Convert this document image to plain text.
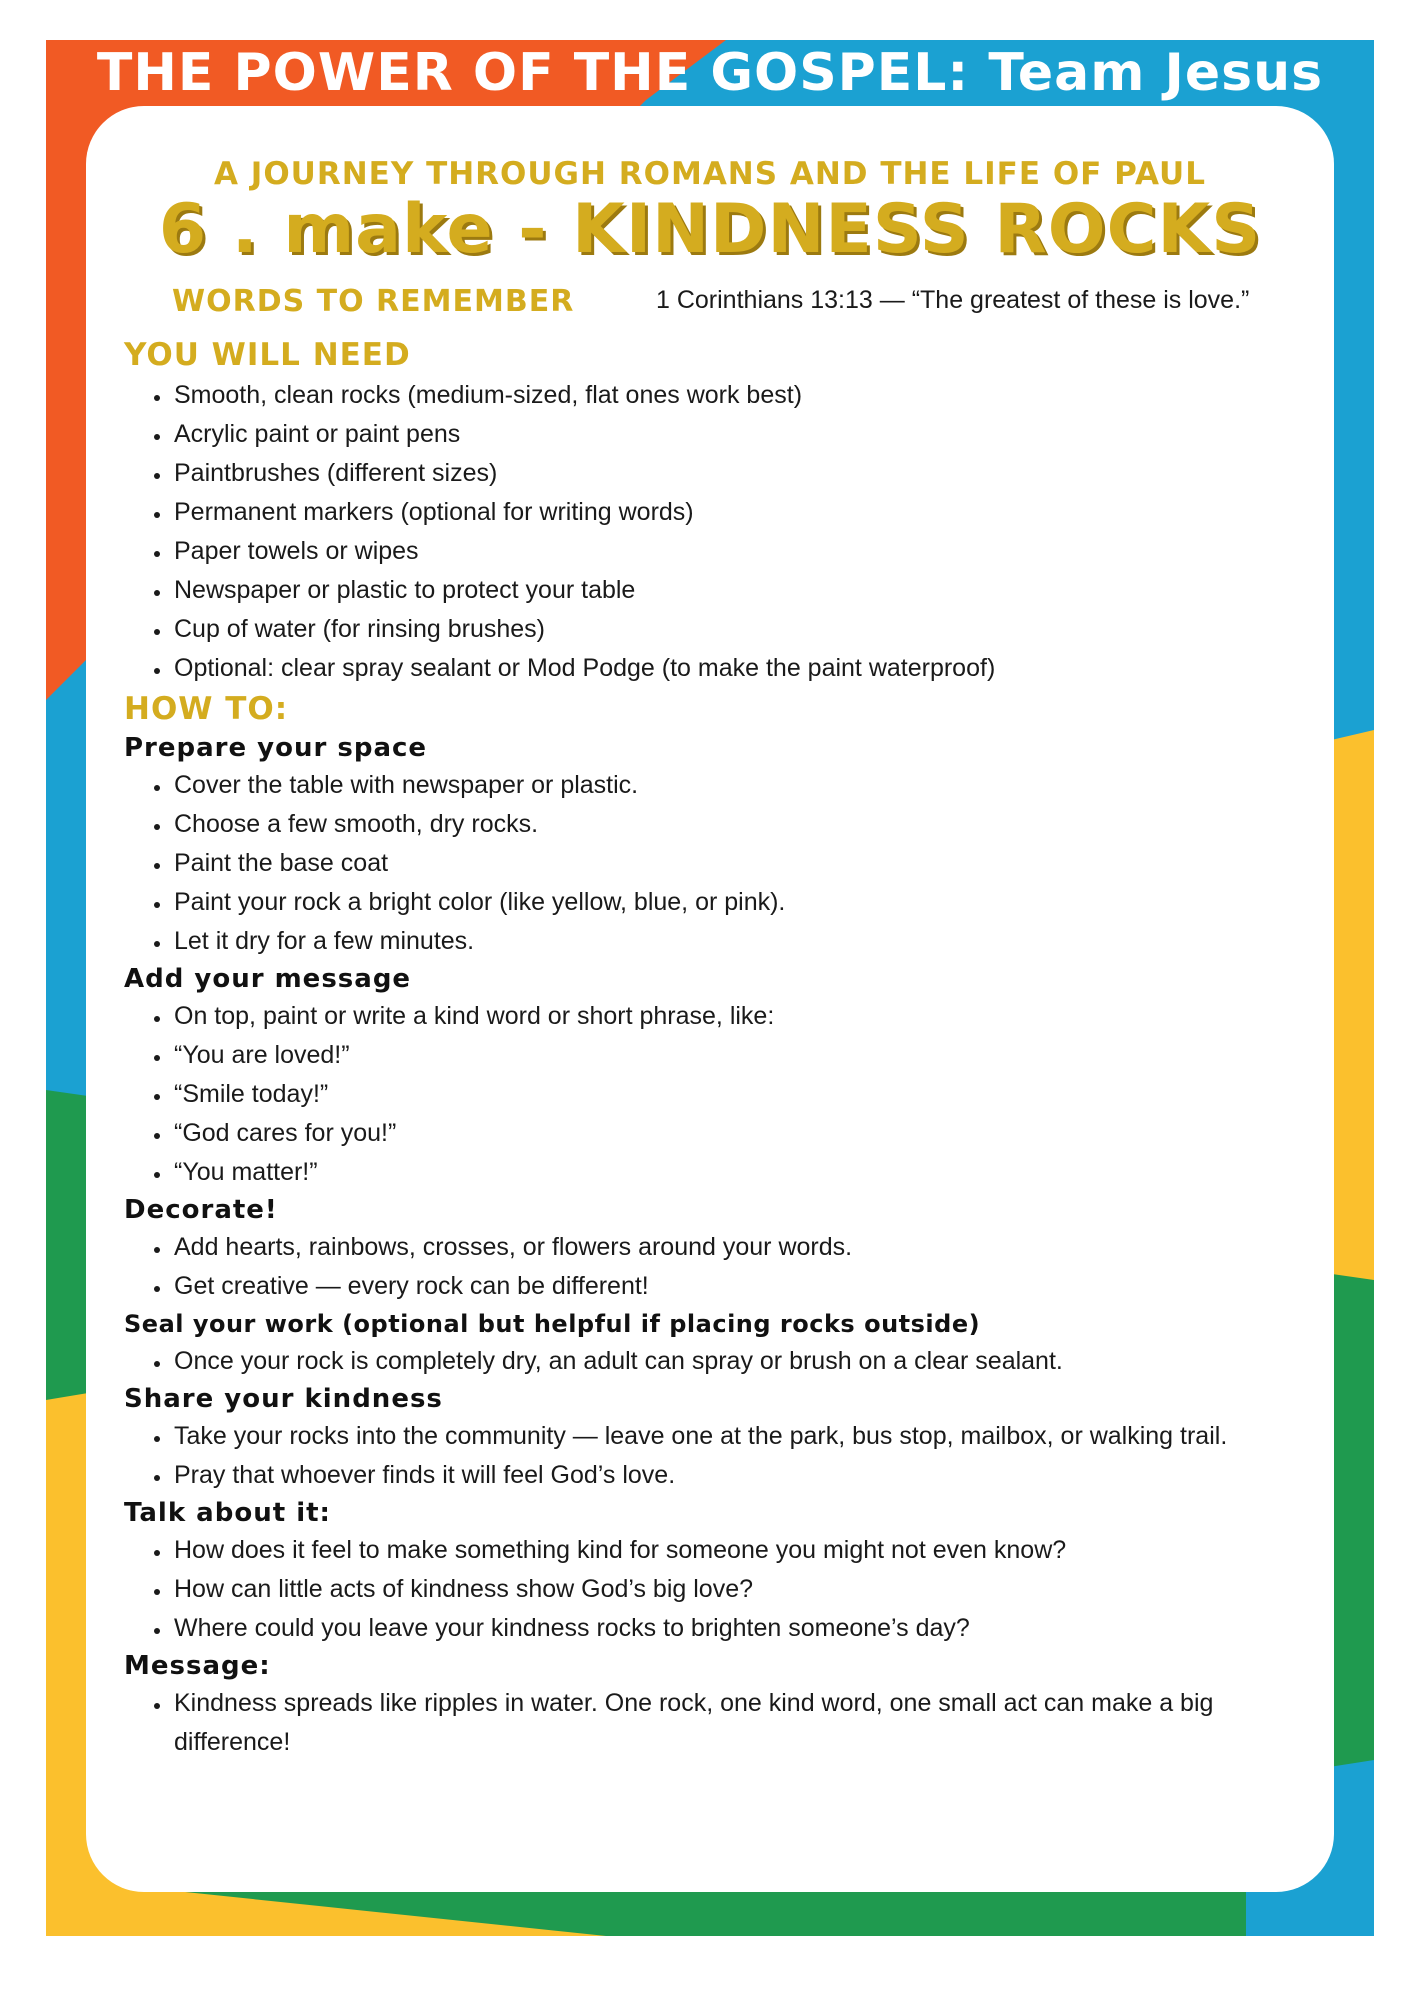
THE POWER OF THE GOSPEL: Team Jesus
A JOURNEY THROUGH ROMANS AND THE LIFE OF PAUL
6 . make - KINDNESS ROCKS
WORDS TO REMEMBER	1 Corinthians 13:13 — “The greatest of these is love.”
YOU WILL NEED
• Smooth, clean rocks (medium-sized, flat ones work best)
• Acrylic paint or paint pens
• Paintbrushes (different sizes)
• Permanent markers (optional for writing words)
• Paper towels or wipes
• Newspaper or plastic to protect your table
• Cup of water (for rinsing brushes)
• Optional: clear spray sealant or Mod Podge (to make the paint waterproof)
HOW TO:
Prepare your space
• Cover the table with newspaper or plastic.
• Choose a few smooth, dry rocks.
• Paint the base coat
• Paint your rock a bright color (like yellow, blue, or pink).
• Let it dry for a few minutes.
Add your message
• On top, paint or write a kind word or short phrase, like:
• “You are loved!”
• “Smile today!”
• “God cares for you!”
• “You matter!”
Decorate!
• Add hearts, rainbows, crosses, or flowers around your words.
• Get creative — every rock can be different!
Seal your work (optional but helpful if placing rocks outside)
• Once your rock is completely dry, an adult can spray or brush on a clear sealant.
Share your kindness
• Take your rocks into the community — leave one at the park, bus stop, mailbox, or walking trail.
• Pray that whoever finds it will feel God’s love.
Talk about it:
• How does it feel to make something kind for someone you might not even know?
• How can little acts of kindness show God’s big love?
• Where could you leave your kindness rocks to brighten someone’s day?
Message:
• Kindness spreads like ripples in water. One rock, one kind word, one small act can make a big difference!
